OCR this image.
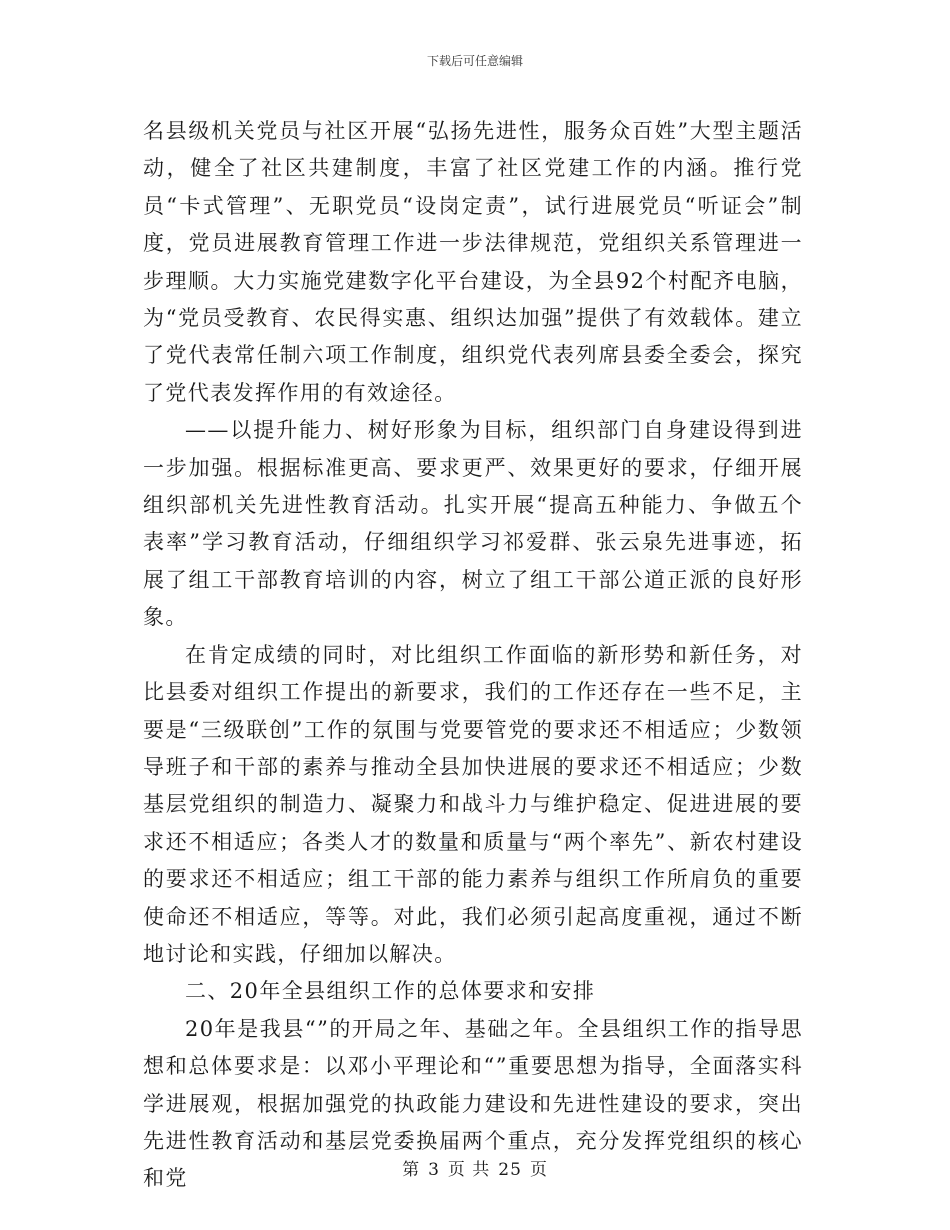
下载后可任意编辑

名县级机关党员与社区开展“弘扬先进性，服务众百姓”大型主题活动，健全了社区共建制度，丰富了社区党建工作的内涵。推行党员“卡式管理”、无职党员“设岗定责”，试行进展党员“听证会”制度，党员进展教育管理工作进一步法律规范，党组织关系管理进一步理顺。大力实施党建数字化平台建设，为全县92个村配齐电脑，为“党员受教育、农民得实惠、组织达加强”提供了有效载体。建立了党代表常任制六项工作制度，组织党代表列席县委全委会，探究了党代表发挥作用的有效途径。

——以提升能力、树好形象为目标，组织部门自身建设得到进一步加强。根据标准更高、要求更严、效果更好的要求，仔细开展组织部机关先进性教育活动。扎实开展“提高五种能力、争做五个表率”学习教育活动，仔细组织学习祁爱群、张云泉先进事迹，拓展了组工干部教育培训的内容，树立了组工干部公道正派的良好形象。

在肯定成绩的同时，对比组织工作面临的新形势和新任务，对比县委对组织工作提出的新要求，我们的工作还存在一些不足，主要是“三级联创”工作的氛围与党要管党的要求还不相适应；少数领导班子和干部的素养与推动全县加快进展的要求还不相适应；少数基层党组织的制造力、凝聚力和战斗力与维护稳定、促进进展的要求还不相适应；各类人才的数量和质量与“两个率先”、新农村建设的要求还不相适应；组工干部的能力素养与组织工作所肩负的重要使命还不相适应，等等。对此，我们必须引起高度重视，通过不断地讨论和实践，仔细加以解决。

二、20年全县组织工作的总体要求和安排

20年是我县“”的开局之年、基础之年。全县组织工作的指导思想和总体要求是：以邓小平理论和“”重要思想为指导，全面落实科学进展观，根据加强党的执政能力建设和先进性建设的要求，突出先进性教育活动和基层党委换届两个重点，充分发挥党组织的核心和党	第 3 页 共 25 页
